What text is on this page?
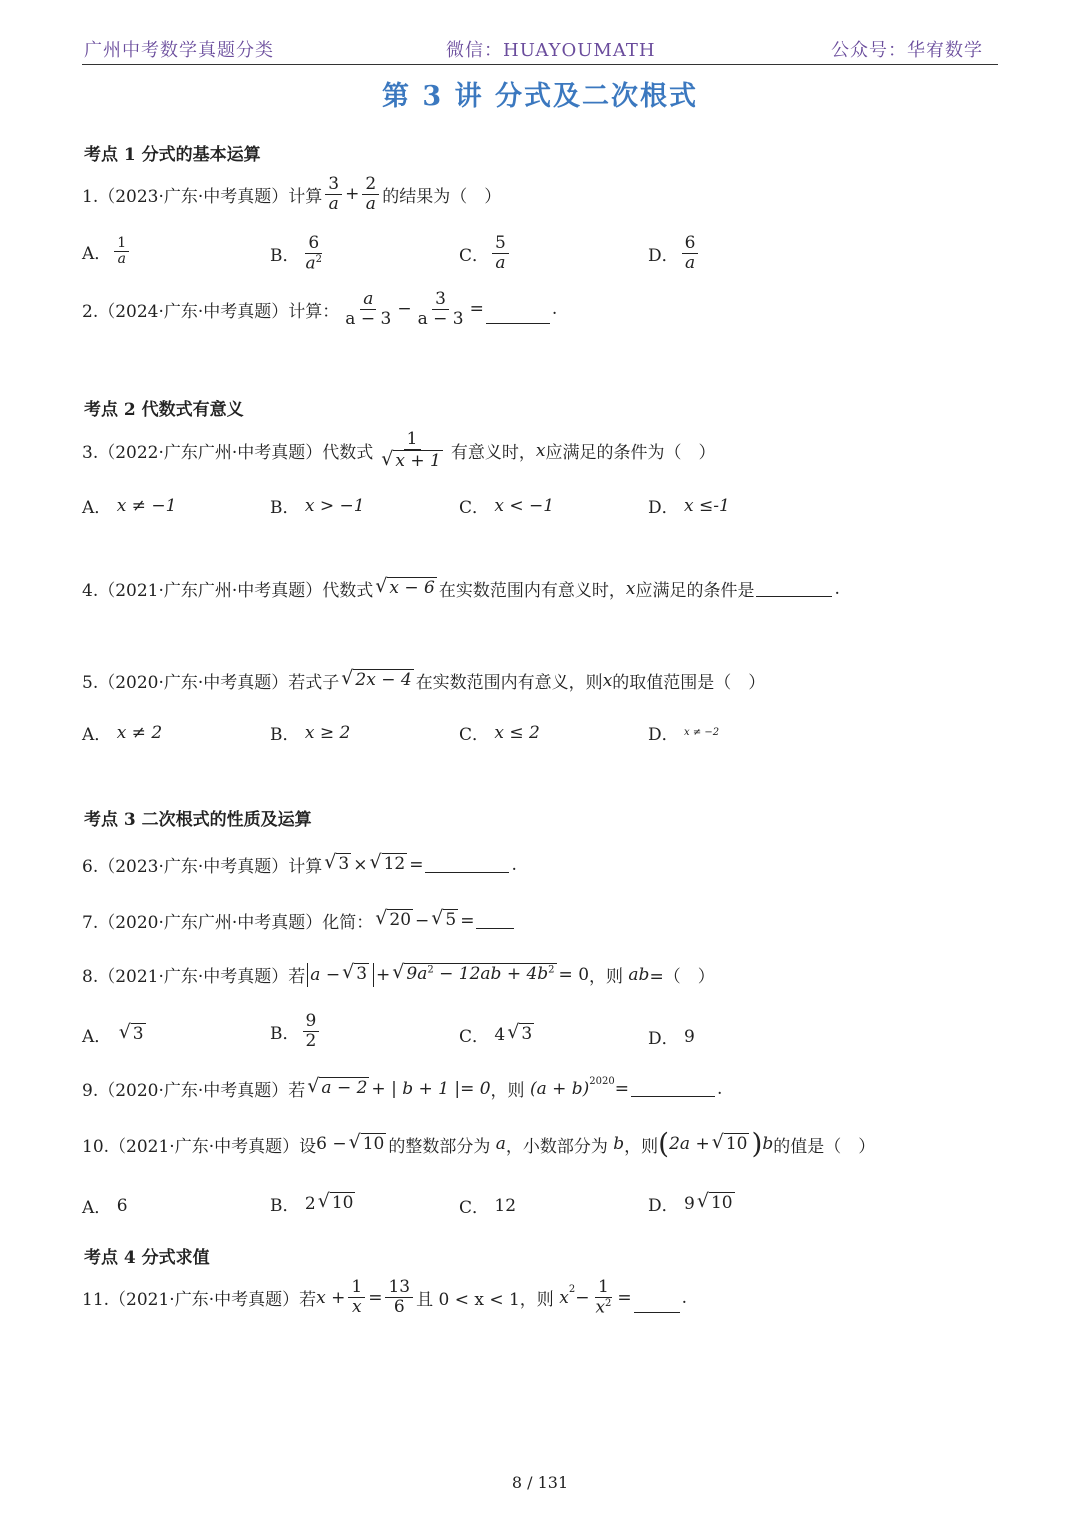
广州中考数学真题分类	微信：HUAYOUMATH	公众号：华宥数学
第 3 讲 分式及二次根式
考点 1 分式的基本运算
1.（2023·广东·中考真题）计算 $\frac{3}{a} + \frac{2}{a}$ 的结果为（　）
A． $\frac{1}{a}$	B． $\frac{6}{a^2}$	C． $\frac{5}{a}$	D． $\frac{6}{a}$
2.（2024·广东·中考真题）计算： $\frac{a}{a - 3} - \frac{3}{a - 3}$ =	.
考点 2 代数式有意义
3.（2022·广东广州·中考真题）代数式 $\frac{1}{√ x + 1}$ 有意义时， x 应满足的条件为（　）
A．
x ≠ −1	B．
x > −1	C．
x < −1	D．
x ≤-1
4.（2021·广东广州·中考真题）代数式 √ x − 6 在实数范围内有意义时， x 应满足的条件是	.
5.（2020·广东·中考真题）若式子 √ 2x − 4 在实数范围内有意义，则 x 的取值范围是（　）
A．
x ≠ 2	B．
x ≥ 2	C．
x ≤ 2	D．
x ≠ −2
考点 3 二次根式的性质及运算
6.（2023·广东·中考真题）计算 √ 3 × √ 12 =	.
7.（2020·广东广州·中考真题）化简： √ 20 − √ 5 =
8.（2021·广东·中考真题）若 a − √ 3 + √ $9a^2 - 12ab + 4b^2 = 0$ ，则
ab =（　）
A．
√ 3	B． $\frac{9}{2}$	C．
4 √ 3	D．
9
9.（2020·广东·中考真题）若 √ a − 2 + | b + 1 |= 0 ，则
$(a + b)^{2020}$ =	.
10.（2021·广东·中考真题）设 6 − √ 10 的整数部分为
a ，小数部分为
b ，则 ( 2a + √ 10 ) b 的值是（　）
A．
6	B．
2 √ 10	C．
12	D．
9 √ 10
考点 4 分式求值
11.（2021·广东·中考真题）若 $x + \frac{1}{x} = \frac{13}{6}$ 且 0 < x < 1，则
$x^2 - \frac{1}{x^2}$ =	.
8 / 131
